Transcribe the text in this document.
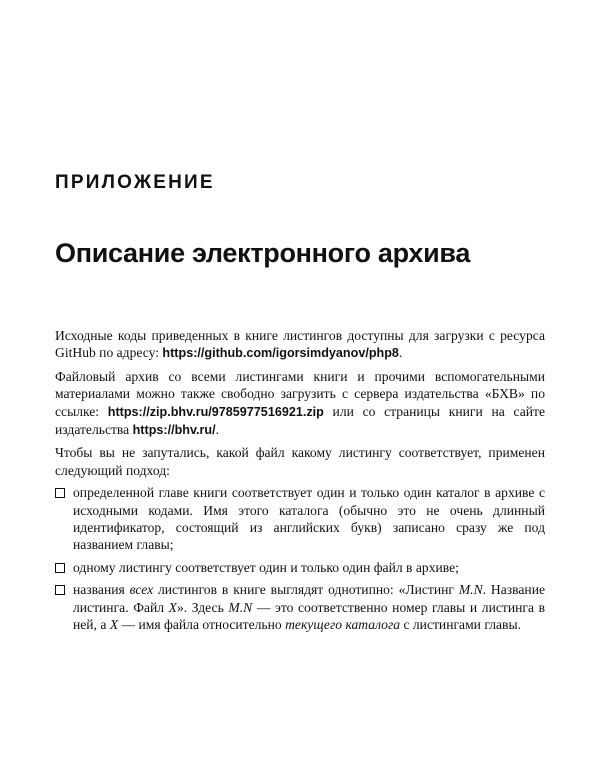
ПРИЛОЖЕНИЕ
Описание электронного архива

Исходные коды приведенных в книге листингов доступны для загрузки с ресурса GitHub по адресу: https://github.com/igorsimdyanov/php8.

Файловый архив со всеми листингами книги и прочими вспомогательными материалами можно также свободно загрузить с сервера издательства «БХВ» по ссылке: https://zip.bhv.ru/9785977516921.zip или со страницы книги на сайте издательства https://bhv.ru/.

Чтобы вы не запутались, какой файл какому листингу соответствует, применен следующий подход:

определенной главе книги соответствует один и только один каталог в архиве с исходными кодами. Имя этого каталога (обычно это не очень длинный идентификатор, состоящий из английских букв) записано сразу же под названием главы;
одному листингу соответствует один и только один файл в архиве;
названия всех листингов в книге выглядят однотипно: «Листинг M.N. Название листинга. Файл X». Здесь M.N — это соответственно номер главы и листинга в ней, а X — имя файла относительно текущего каталога с листингами главы.
